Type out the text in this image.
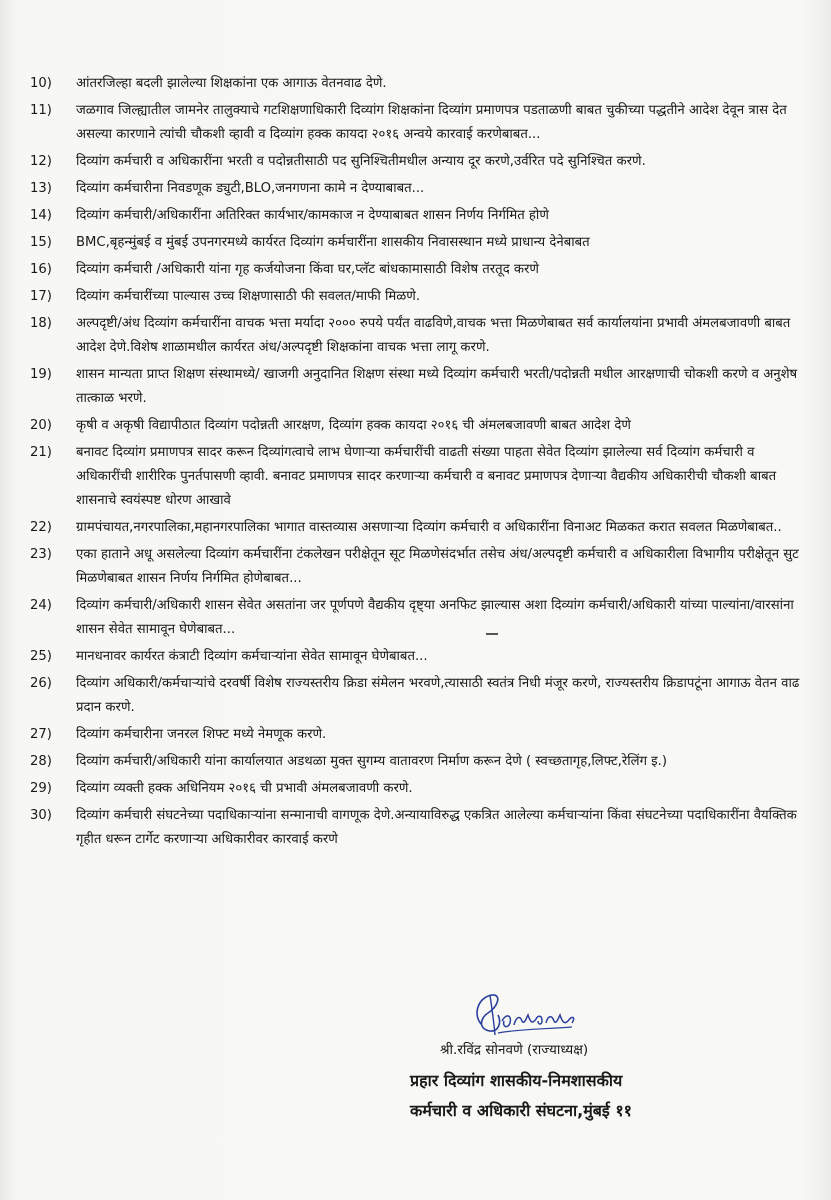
10)	आंतरजिल्हा बदली झालेल्या शिक्षकांना एक आगाऊ वेतनवाढ देणे.
11)	जळगाव जिल्ह्यातील जामनेर तालुक्याचे गटशिक्षणाधिकारी दिव्यांग शिक्षकांना दिव्यांग प्रमाणपत्र पडताळणी बाबत चुकीच्या पद्धतीने आदेश देवून त्रास देत असल्या कारणाने त्यांची चौकशी व्हावी व दिव्यांग हक्क कायदा २०१६ अन्वये कारवाई करणेबाबत...
12)	दिव्यांग कर्मचारी व अधिकारींना भरती व पदोन्नतीसाठी पद सुनिश्चितीमधील अन्याय दूर करणे,उर्वरित पदे सुनिश्चित करणे.
13)	दिव्यांग कर्मचारीना निवडणूक ड्युटी,BLO,जनगणना कामे न देण्याबाबत...
14)	दिव्यांग कर्मचारी/अधिकारींना अतिरिक्त कार्यभार/कामकाज न देण्याबाबत शासन निर्णय निर्गमित होणे
15)	BMC,बृहन्मुंबई व मुंबई उपनगरमध्ये कार्यरत दिव्यांग कर्मचारींना शासकीय निवासस्थान मध्ये प्राधान्य देनेबाबत
16)	दिव्यांग कर्मचारी /अधिकारी यांना गृह कर्जयोजना किंवा घर,प्लॅट बांधकामासाठी विशेष तरतूद करणे
17)	दिव्यांग कर्मचारींच्या पाल्यास उच्च शिक्षणासाठी फी सवलत/माफी मिळणे.
18)	अल्पदृष्टी/अंध दिव्यांग कर्मचारींना वाचक भत्ता मर्यादा २००० रुपये पर्यंत वाढविणे,वाचक भत्ता मिळणेबाबत सर्व कार्यालयांना प्रभावी अंमलबजावणी बाबत आदेश देणे.विशेष शाळामधील कार्यरत अंध/अल्पदृष्टी शिक्षकांना वाचक भत्ता लागू करणे.
19)	शासन मान्यता प्राप्त शिक्षण संस्थामध्ये/ खाजगी अनुदानित शिक्षण संस्था मध्ये दिव्यांग कर्मचारी भरती/पदोन्नती मधील आरक्षणाची चोकशी करणे व अनुशेष तात्काळ भरणे.
20)	कृषी व अकृषी विद्यापीठात दिव्यांग पदोन्नती आरक्षण, दिव्यांग हक्क कायदा २०१६ ची अंमलबजावणी बाबत आदेश देणे
21)	बनावट दिव्यांग प्रमाणपत्र सादर करून दिव्यांगत्वाचे लाभ घेणाऱ्या कर्मचारींची वाढती संख्या पाहता सेवेत दिव्यांग झालेल्या सर्व दिव्यांग कर्मचारी व अधिकारींची शारीरिक पुनर्तपासणी व्हावी. बनावट प्रमाणपत्र सादर करणाऱ्या कर्मचारी व बनावट प्रमाणपत्र देणाऱ्या वैद्यकीय अधिकारीची चौकशी बाबत शासनाचे स्वयंस्पष्ट धोरण आखावे
22)	ग्रामपंचायत,नगरपालिका,महानगरपालिका भागात वास्तव्यास असणाऱ्या दिव्यांग कर्मचारी व अधिकारींना विनाअट मिळकत करात सवलत मिळणेबाबत..
23)	एका हाताने अधू असलेल्या दिव्यांग कर्मचारींना टंकलेखन परीक्षेतून सूट मिळणेसंदर्भात तसेच अंध/अल्पदृष्टी कर्मचारी व अधिकारीला विभागीय परीक्षेतून सुट मिळणेबाबत शासन निर्णय निर्गमित होणेबाबत...
24)	दिव्यांग कर्मचारी/अधिकारी शासन सेवेत असतांना जर पूर्णपणे वैद्यकीय दृष्ट्या अनफिट झाल्यास अशा दिव्यांग कर्मचारी/अधिकारी यांच्या पाल्यांना/वारसांना शासन सेवेत सामावून घेणेबाबत...
25)	मानधनावर कार्यरत कंत्राटी दिव्यांग कर्मचाऱ्यांना सेवेत सामावून घेणेबाबत...
26)	दिव्यांग अधिकारी/कर्मचाऱ्यांचे दरवर्षी विशेष राज्यस्तरीय क्रिडा संमेलन भरवणे,त्यासाठी स्वतंत्र निधी मंजूर करणे, राज्यस्तरीय क्रिडापटूंना आगाऊ वेतन वाढ प्रदान करणे.
27)	दिव्यांग कर्मचारीना जनरल शिफ्ट मध्ये नेमणूक करणे.
28)	दिव्यांग कर्मचारी/अधिकारी यांना कार्यालयात अडथळा मुक्त सुगम्य वातावरण निर्माण करून देणे ( स्वच्छतागृह,लिफ्ट,रेलिंग इ.)
29)	दिव्यांग व्यक्ती हक्क अधिनियम २०१६ ची प्रभावी अंमलबजावणी करणे.
30)	दिव्यांग कर्मचारी संघटनेच्या पदाधिकाऱ्यांना सन्मानाची वागणूक देणे.अन्यायाविरुद्ध एकत्रित आलेल्या कर्मचाऱ्यांना किंवा संघटनेच्या पदाधिकारींना वैयक्तिक गृहीत धरून टार्गेट करणाऱ्या अधिकारीवर कारवाई करणे
श्री.रविंद्र सोनवणे (राज्याध्यक्ष)
प्रहार दिव्यांग शासकीय-निमशासकीय
कर्मचारी व अधिकारी संघटना,मुंबई ११
